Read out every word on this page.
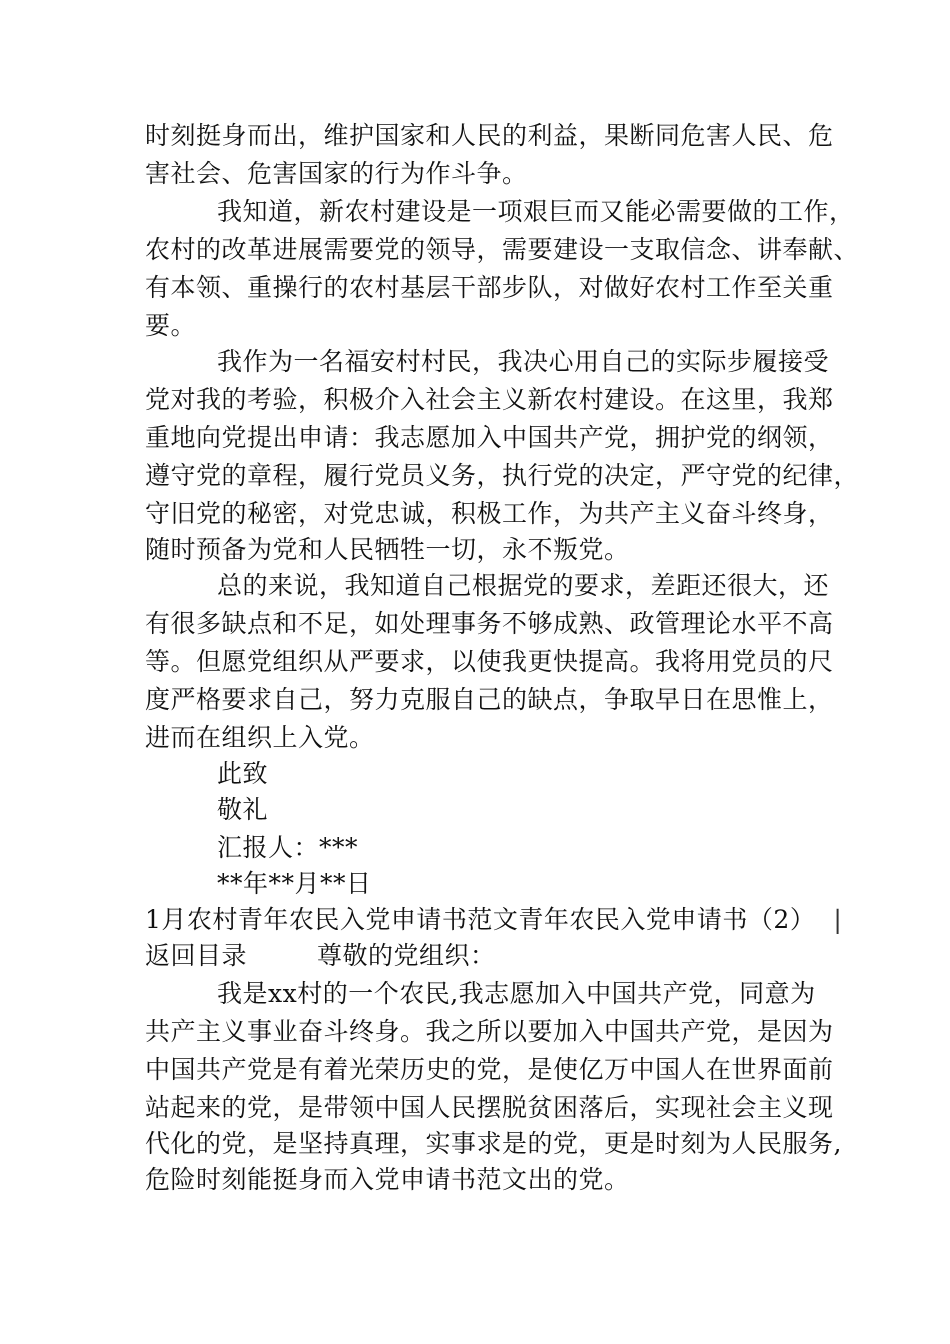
时刻挺身而出，维护国家和人民的利益，果断同危害人民、危
害社会、危害国家的行为作斗争。
我知道，新农村建设是一项艰巨而又能必需要做的工作，
农村的改革进展需要党的领导，需要建设一支取信念、讲奉献、
有本领、重操行的农村基层干部步队，对做好农村工作至关重
要。
我作为一名福安村村民，我决心用自己的实际步履接受
党对我的考验，积极介入社会主义新农村建设。在这里，我郑
重地向党提出申请：我志愿加入中国共产党，拥护党的纲领，
遵守党的章程，履行党员义务，执行党的决定，严守党的纪律，
守旧党的秘密，对党忠诚，积极工作，为共产主义奋斗终身，
随时预备为党和人民牺牲一切，永不叛党。
总的来说，我知道自己根据党的要求，差距还很大，还
有很多缺点和不足，如处理事务不够成熟、政管理论水平不高
等。但愿党组织从严要求，以使我更快提高。我将用党员的尺
度严格要求自己，努力克服自己的缺点，争取早日在思惟上，
进而在组织上入党。
此致
敬礼
汇报人：***
**年**月**日
1月农村青年农民入党申请书范文青年农民入党申请书（2） |
返回目录	尊敬的党组织：
我是xx村的一个农民,我志愿加入中国共产党，同意为
共产主义事业奋斗终身。我之所以要加入中国共产党，是因为
中国共产党是有着光荣历史的党，是使亿万中国人在世界面前
站起来的党，是带领中国人民摆脱贫困落后，实现社会主义现
代化的党，是坚持真理，实事求是的党，更是时刻为人民服务,
危险时刻能挺身而入党申请书范文出的党。
